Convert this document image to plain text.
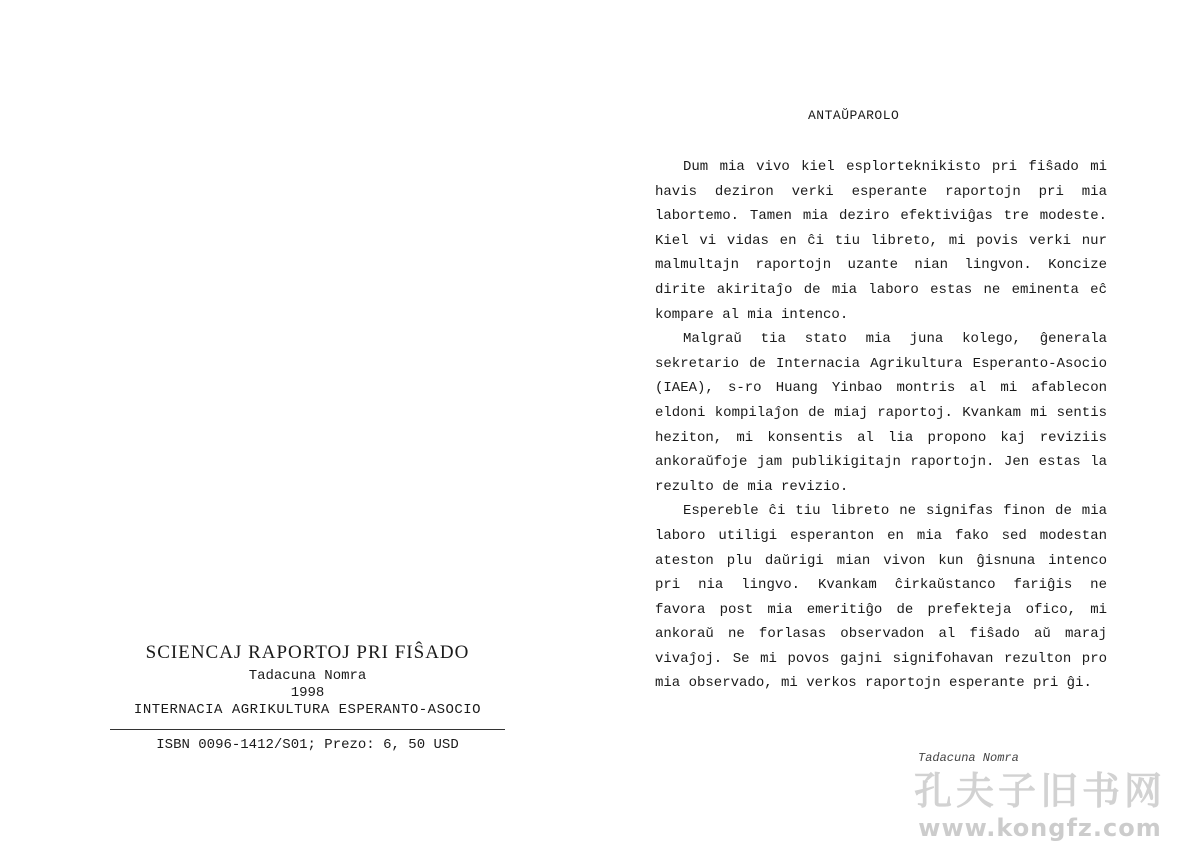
SCIENCAJ RAPORTOJ PRI FIŜADO
Tadacuna Nomra
1998
INTERNACIA AGRIKULTURA ESPERANTO-ASOCIO
ISBN 0096-1412/S01; Prezo: 6, 50 USD
ANTAŬPAROLO

Dum mia vivo kiel esplorteknikisto pri fiŝado mi havis deziron verki esperante raportojn pri mia labortemo. Tamen mia deziro efektiviĝas tre modeste. Kiel vi vidas en ĉi tiu libreto, mi povis verki nur malmultajn raportojn uzante nian lingvon. Koncize dirite akiritaĵo de mia laboro estas ne eminenta eĉ kompare al mia intenco.

Malgraŭ tia stato mia juna kolego, ĝenerala sekretario de Internacia Agrikultura Esperanto-Asocio (IAEA), s-ro Huang Yinbao montris al mi afablecon eldoni kompilaĵon de miaj raportoj. Kvankam mi sentis heziton, mi konsentis al lia propono kaj reviziis ankoraŭfoje jam publikigitajn raportojn. Jen estas la rezulto de mia revizio.

Espereble ĉi tiu libreto ne signifas finon de mia laboro utiligi esperanton en mia fako sed modestan ateston plu daŭrigi mian vivon kun ĝisnuna intenco pri nia lingvo. Kvankam ĉirkaŭstanco fariĝis ne favora post mia emeritiĝo de prefekteja ofico, mi ankoraŭ ne forlasas observadon al fiŝado aŭ maraj vivaĵoj. Se mi povos gajni signifohavan rezulton pro mia observado, mi verkos raportojn esperante pri ĝi.

Tadacuna Nomra
孔夫子旧书网
www.kongfz.com
